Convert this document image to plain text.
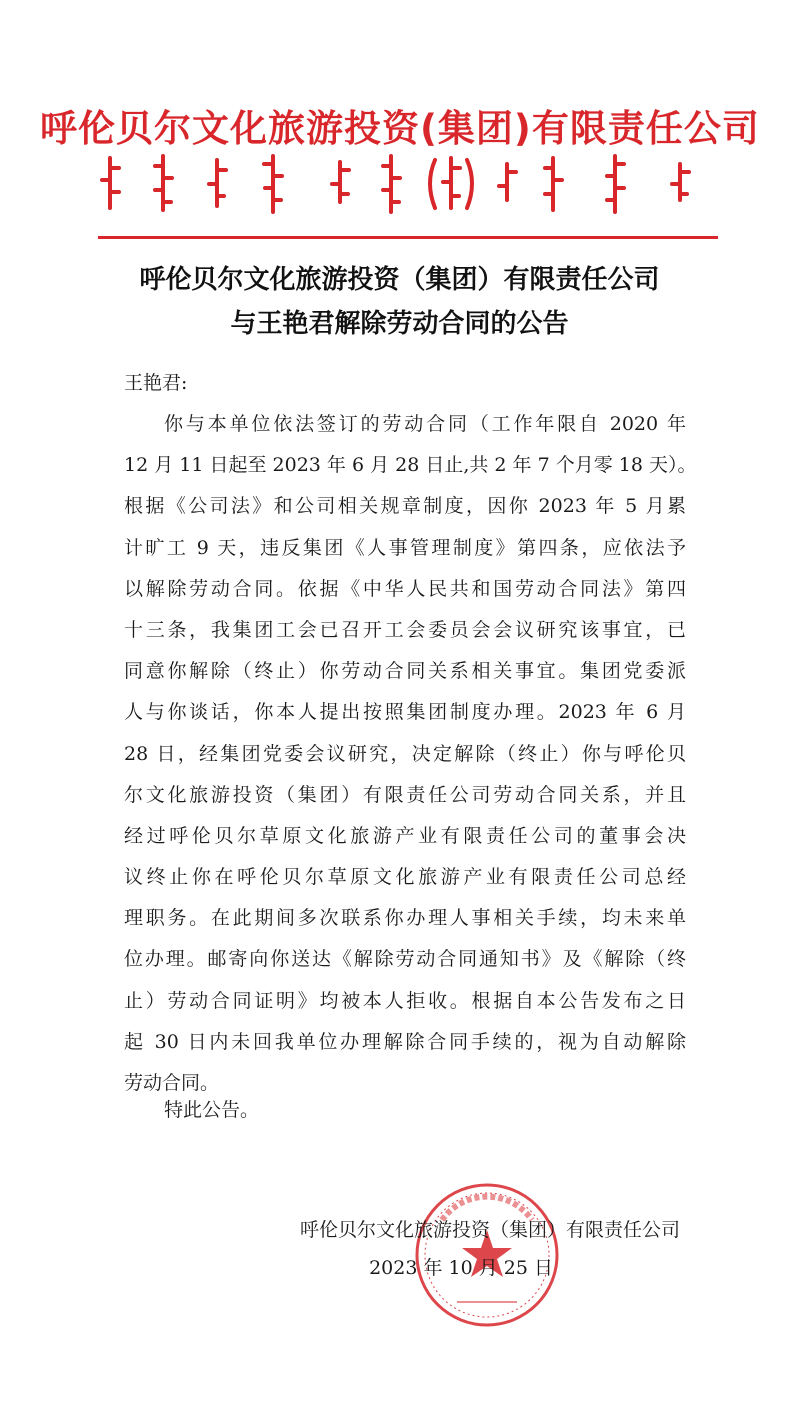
呼伦贝尔文化旅游投资(集团)有限责任公司
呼伦贝尔文化旅游投资（集团）有限责任公司
与王艳君解除劳动合同的公告
王艳君:
你与本单位依法签订的劳动合同（工作年限自 2020 年
12 月 11 日起至 2023 年 6 月 28 日止,共 2 年 7 个月零 18 天）。
根据《公司法》和公司相关规章制度，因你 2023 年 5 月累
计旷工 9 天，违反集团《人事管理制度》第四条，应依法予
以解除劳动合同。依据《中华人民共和国劳动合同法》第四
十三条，我集团工会已召开工会委员会会议研究该事宜，已
同意你解除（终止）你劳动合同关系相关事宜。集团党委派
人与你谈话，你本人提出按照集团制度办理。2023 年 6 月
28 日，经集团党委会议研究，决定解除（终止）你与呼伦贝
尔文化旅游投资（集团）有限责任公司劳动合同关系，并且
经过呼伦贝尔草原文化旅游产业有限责任公司的董事会决
议终止你在呼伦贝尔草原文化旅游产业有限责任公司总经
理职务。在此期间多次联系你办理人事相关手续，均未来单
位办理。邮寄向你送达《解除劳动合同通知书》及《解除（终
止）劳动合同证明》均被本人拒收。根据自本公告发布之日
起 30 日内未回我单位办理解除合同手续的，视为自动解除
劳动合同。
特此公告。
呼伦贝尔文化旅游投资（集团）有限责任公司
2023 年 10 月 25 日
